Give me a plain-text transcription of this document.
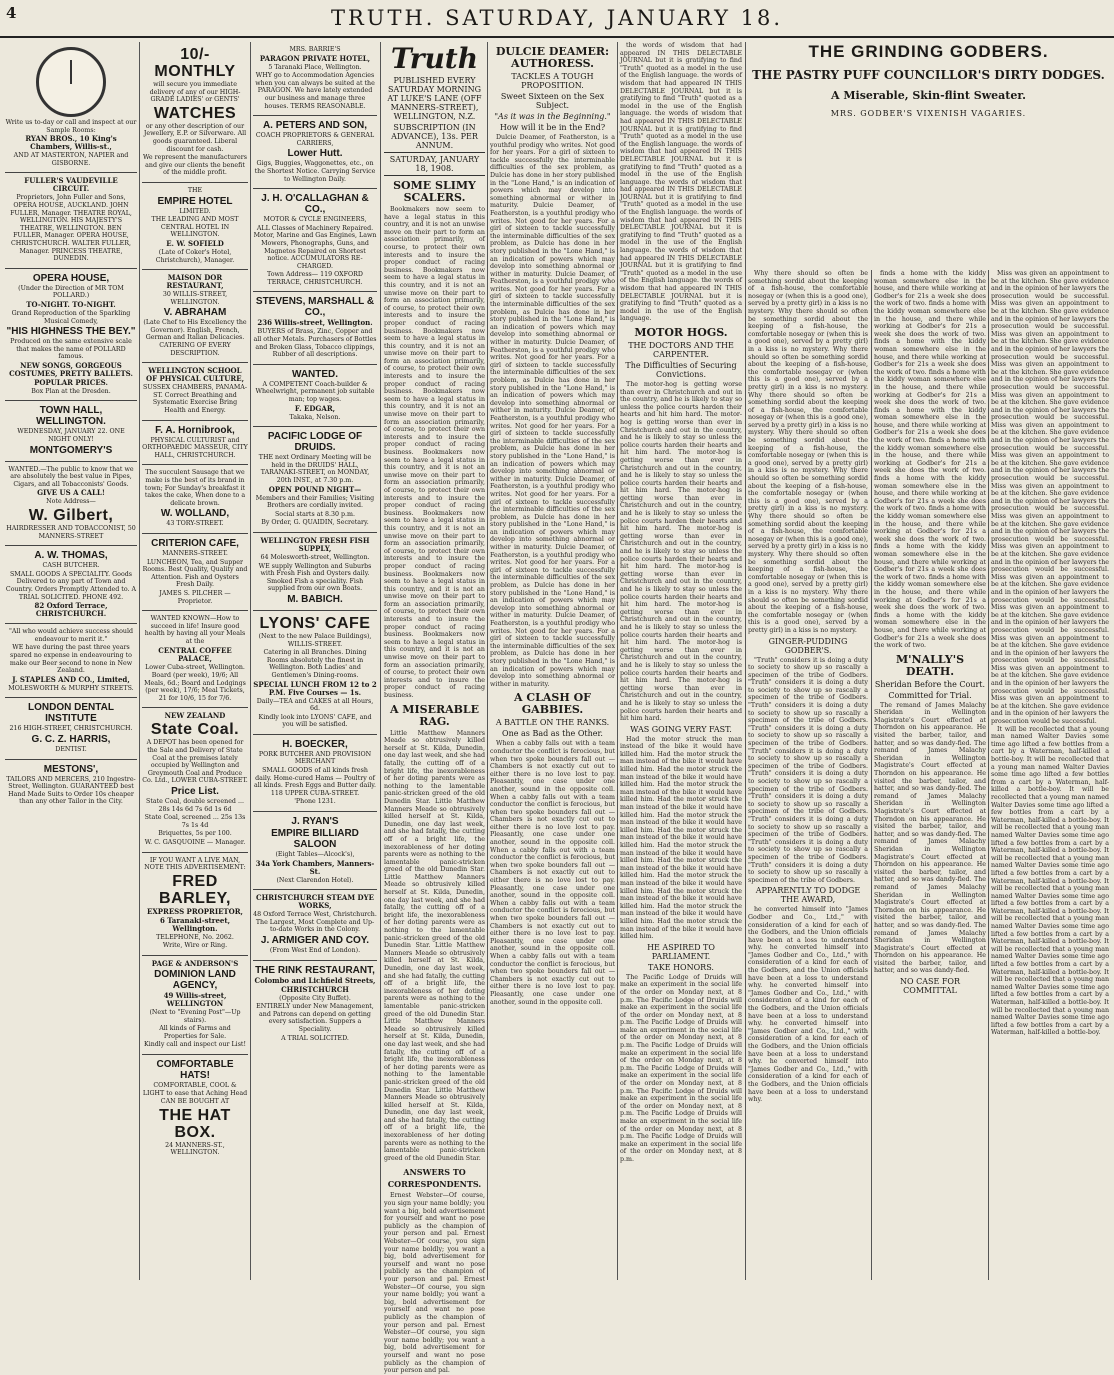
4	TRUTH. SATURDAY, JANUARY 18.

Write us to-day or call and inspect at our Sample Rooms:

RYAN BROS., 10 King's Chambers, Willis-st.,

AND AT MASTERTON, NAPIER and GISBORNE.

FULLER'S VAUDEVILLE CIRCUIT.

Proprietors, John Fuller and Sons, OPERA HOUSE, AUCKLAND. JOHN FULLER, Manager. THEATRE ROYAL, WELLINGTON. HIS MAJESTY'S THEATRE, WELLINGTON. BEN FULLER, Manager. OPERA HOUSE, CHRISTCHURCH. WALTER FULLER, Manager. PRINCESS THEATRE, DUNEDIN.

OPERA HOUSE,

(Under the Direction of MR TOM POLLARD.)

TO-NIGHT. TO-NIGHT.

Grand Reproduction of the Sparkling Musical Comedy,

"HIS HIGHNESS THE BEY."

Produced on the same extensive scale that makes the name of POLLARD famous.

NEW SONGS, GORGEOUS COSTUMES, PRETTY BALLETS.

POPULAR PRICES.

Box Plan at the Dresden.

TOWN HALL, WELLINGTON.

WEDNESDAY, JANUARY 22. ONE NIGHT ONLY!

MONTGOMERY'S

WANTED.—The public to know that we are absolutely the best value in Pipes, Cigars, and all Tobacconists' Goods.

GIVE US A CALL!

Note Address—

W. Gilbert,

HAIRDRESSER AND TOBACCONIST, 50 MANNERS-STREET

A. W. THOMAS,

CASH BUTCHER.

SMALL GOODS A SPECIALITY. Goods Delivered to any part of Town and Country. Orders Promptly Attended to. A TRIAL SOLICITED. PHONE 492.

82 Oxford Terrace, CHRISTCHURCH.

"All who would achieve success should endeavour to merit it."

WE have during the past three years spared no expense in endeavouring to make our Beer second to none in New Zealand.

J. STAPLES AND CO., Limited,

MOLESWORTH & MURPHY STREETS.

LONDON DENTAL INSTITUTE

216 HIGH-STREET, CHRISTCHURCH.

G. C. Z. HARRIS,

DENTIST.

MESTONS',

TAILORS AND MERCERS, 210 Ingestre-Street, Wellington. GUARANTEED best Hand Made Suits to Order 10s cheaper than any other Tailor in the City.

10/- MONTHLY

will secure you immediate delivery of any of our HIGH-GRADE LADIES' or GENTS'

WATCHES

or any other description of our Jewellery, E.P. or Silverware. All goods guaranteed. Liberal discount for cash.

We represent the manufacturers and give our clients the benefit of the middle profit.

THE

EMPIRE HOTEL

LIMITED.

THE LEADING AND MOST CENTRAL HOTEL IN WELLINGTON.

E. W. SOFIELD

(Late of Coker's Hotel, Christchurch), Manager.

MAISON DOR RESTAURANT,

30 WILLIS-STREET, WELLINGTON.

V. ABRAHAM

(Late Chef to His Excellency the Governor). English, French, German and Italian Delicacies. CATERING OF EVERY DESCRIPTION.

WELLINGTON SCHOOL OF PHYSICAL CULTURE,

SUSSEX CHAMBERS, PANAMA-ST. Correct Breathing and Systematic Exercise Bring Health and Energy.

F. A. Hornibrook,

PHYSICAL CULTURIST and ORTHOPAEDIC MASSEUR, CITY HALL, CHRISTCHURCH.

The succulent Sausage that we make is the best of its brand in town; For Sunday's breakfast it takes the cake, When done to a delicate brown.

W. WOLLAND,

43 TORY-STREET.

CRITERION CAFE,

MANNERS-STREET.

LUNCHEON, Tea, and Supper Rooms. Best Quality, Quality and Attention. Fish and Oysters Fresh Daily.

JAMES S. PILCHER — Proprietor.

WANTED KNOWN—How to succeed in life! Insure good health by having all your Meals at the

CENTRAL COFFEE PALACE,

Lower Cuba-street, Wellington.

Board (per week), 19/6; All Meals, 6d.; Board and Lodgings (per week), 17/6; Meal Tickets, 21 for 10/6, 15 for 7/6.

NEW ZEALAND

State Coal.

A DEPOT has been opened for the Sale and Delivery of State Coal at the premises lately occupied by Wellington and Greymouth Coal and Produce Co. Ltd., LOWER CUBA-STREET.

Price List.

State Coal, double screened ... 28s 14s 6d 7s 6d 1s 6d

State Coal, screened ... 25s 13s 7s 1s 4d

Briquettes, 5s per 100.

W. C. GASQUOINE — Manager.

IF YOU WANT A LIVE MAN, NOTE THIS ADVERTISEMENT:

FRED BARLEY,

EXPRESS PROPRIETOR,

6 Taranaki-street, Wellington.

TELEPHONE, No. 2062.

Write, Wire or Ring.

PAGE & ANDERSON'S

DOMINION LAND AGENCY,

49 Willis-street, WELLINGTON

(Next to "Evening Post"—Up stairs).

All kinds of Farms and Properties for Sale.

Kindly call and inspect our List!

COMFORTABLE HATS!

COMFORTABLE, COOL & LIGHT to ease that Aching Head

CAN BE BOUGHT AT

THE HAT BOX.

24 MANNERS-ST., WELLINGTON.

MRS. BARRIE'S

PARAGON PRIVATE HOTEL,

5 Taranaki Place, Wellington.

WHY go to Accommodation Agencies when you can always be suited at the PARAGON. We have lately extended our business and manage three houses. TERMS REASONABLE.

A. PETERS AND SON,

COACH PROPRIETORS & GENERAL CARRIERS,

Lower Hutt.

Gigs, Buggies, Waggonettes, etc., on the Shortest Notice. Carrying Service to Wellington Daily.

J. H. O'CALLAGHAN & CO.,

MOTOR & CYCLE ENGINEERS,

ALL Classes of Machinery Repaired. Motor, Marine and Gas Engines, Lawn Mowers, Phonographs, Guns, and Magnetos Repaired on Shortest notice. ACCUMULATORS RE-CHARGED.

Town Address— 119 OXFORD TERRACE, CHRISTCHURCH.

STEVENS, MARSHALL & CO.,

236 Willis-street, Wellington.

BUYERS of Brass, Zinc, Copper and all other Metals. Purchasers of Bottles and Broken Glass, Tobacco clippings, Rubber of all descriptions.

WANTED.

A COMPETENT Coach-builder & Wheelwright, permanent job suitable man; top wages.

F. EDGAR,

Takaka, Nelson.

PACIFIC LODGE OF DRUIDS.

THE next Ordinary Meeting will be held in the DRUIDS' HALL, TARANAKI-STREET, on MONDAY, 20th INST., at 7.30 p.m.

OPEN POUND NIGHT—

Members and their Families; Visiting Brothers are cordially invited.

Social starts at 8.30 p.m.

By Order, G. QUAIDIN, Secretary.

WELLINGTON FRESH FISH SUPPLY,

64 Molesworth-street, Wellington.

WE supply Wellington and Suburbs with Fresh Fish and Oysters daily. Smoked Fish a speciality. Fish supplied from our own Boats.

M. BABICH.

LYONS' CAFE

(Next to the new Palace Buildings), WILLIS-STREET.

Catering in all Branches. Dining Rooms absolutely the finest in Wellington. Both Ladies' and Gentlemen's Dining-rooms.

SPECIAL LUNCH FROM 12 to 2 P.M. Five Courses — 1s.

Daily—TEA and CAKES at all Hours, 6d.

Kindly look into LYONS' CAFE, and you will be satisfied.

H. BOECKER,

PORK BUTCHER AND PROVISION MERCHANT

SMALL GOODS of all kinds fresh daily. Home-cured Hams — Poultry of all kinds. Fresh Eggs and Butter daily. 118 UPPER CUBA-STREET.

'Phone 1231.

J. RYAN'S

EMPIRE BILLIARD SALOON

(Eight Tables—Alcock's),

34a York Chambers, Manners-St.

(Next Clarendon Hotel).

CHRISTCHURCH STEAM DYE WORKS,

48 Oxford Terrace West, Christchurch. The Largest, Most Complete and Up-to-date Works in the Colony.

J. ARMIGER AND COY.

(From West End of London).

THE RINK RESTAURANT,

Colombo and Lichfield Streets,

CHRISTCHURCH

(Opposite City Buffet).

ENTIRELY under New Management, and Patrons can depend on getting every satisfaction. Suppers a Speciality.

A TRIAL SOLICITED.

Truth

PUBLISHED EVERY SATURDAY MORNING AT LUKE'S LANE (OFF MANNERS-STREET), WELLINGTON, N.Z.

SUBSCRIPTION (IN ADVANCE), 13s. PER ANNUM.

SATURDAY, JANUARY 18, 1908.

SOME SLIMY SCALERS.

Bookmakers now seem to have a legal status in this country, and it is not an unwise move on their part to form an association primarily, of course, to protect their own interests and to insure the proper conduct of racing business. Bookmakers now seem to have a legal status in this country, and it is not an unwise move on their part to form an association primarily, of course, to protect their own interests and to insure the proper conduct of racing business. Bookmakers now seem to have a legal status in this country, and it is not an unwise move on their part to form an association primarily, of course, to protect their own interests and to insure the proper conduct of racing business. Bookmakers now seem to have a legal status in this country, and it is not an unwise move on their part to form an association primarily, of course, to protect their own interests and to insure the proper conduct of racing business. Bookmakers now seem to have a legal status in this country, and it is not an unwise move on their part to form an association primarily, of course, to protect their own interests and to insure the proper conduct of racing business. Bookmakers now seem to have a legal status in this country, and it is not an unwise move on their part to form an association primarily, of course, to protect their own interests and to insure the proper conduct of racing business. Bookmakers now seem to have a legal status in this country, and it is not an unwise move on their part to form an association primarily, of course, to protect their own interests and to insure the proper conduct of racing business. Bookmakers now seem to have a legal status in this country, and it is not an unwise move on their part to form an association primarily, of course, to protect their own interests and to insure the proper conduct of racing business.

A MISERABLE RAG.

Little Matthew Manners Meade so obtrusively killed herself at St. Kilda, Dunedin, one day last week, and she had fatally, the cutting off of a bright life, the inexorableness of her doting parents were as nothing to the lamentable panic-stricken greed of the old Dunedin Star. Little Matthew Manners Meade so obtrusively killed herself at St. Kilda, Dunedin, one day last week, and she had fatally, the cutting off of a bright life, the inexorableness of her doting parents were as nothing to the lamentable panic-stricken greed of the old Dunedin Star. Little Matthew Manners Meade so obtrusively killed herself at St. Kilda, Dunedin, one day last week, and she had fatally, the cutting off of a bright life, the inexorableness of her doting parents were as nothing to the lamentable panic-stricken greed of the old Dunedin Star. Little Matthew Manners Meade so obtrusively killed herself at St. Kilda, Dunedin, one day last week, and she had fatally, the cutting off of a bright life, the inexorableness of her doting parents were as nothing to the lamentable panic-stricken greed of the old Dunedin Star. Little Matthew Manners Meade so obtrusively killed herself at St. Kilda, Dunedin, one day last week, and she had fatally, the cutting off of a bright life, the inexorableness of her doting parents were as nothing to the lamentable panic-stricken greed of the old Dunedin Star. Little Matthew Manners Meade so obtrusively killed herself at St. Kilda, Dunedin, one day last week, and she had fatally, the cutting off of a bright life, the inexorableness of her doting parents were as nothing to the lamentable panic-stricken greed of the old Dunedin Star.

ANSWERS TO CORRESPONDENTS.

Ernest Webster—Of course, you sign your name boldly; you want a big, bold advertisement for yourself and want no pose publicly as the champion of your person and pal. Ernest Webster—Of course, you sign your name boldly; you want a big, bold advertisement for yourself and want no pose publicly as the champion of your person and pal. Ernest Webster—Of course, you sign your name boldly; you want a big, bold advertisement for yourself and want no pose publicly as the champion of your person and pal. Ernest Webster—Of course, you sign your name boldly; you want a big, bold advertisement for yourself and want no pose publicly as the champion of your person and pal.

DULCIE DEAMER: AUTHORESS.

TACKLES A TOUGH PROPOSITION.

Sweet Sixteen on the Sex Subject.

"As it was in the Beginning."

How will it be in the End?

Dulcie Deamer, of Featherston, is a youthful prodigy who writes. Not good for her years. For a girl of sixteen to tackle successfully the interminable difficulties of the sex problem, as Dulcie has done in her story published in the "Lone Hand," is an indication of powers which may develop into something abnormal or wither in maturity. Dulcie Deamer, of Featherston, is a youthful prodigy who writes. Not good for her years. For a girl of sixteen to tackle successfully the interminable difficulties of the sex problem, as Dulcie has done in her story published in the "Lone Hand," is an indication of powers which may develop into something abnormal or wither in maturity. Dulcie Deamer, of Featherston, is a youthful prodigy who writes. Not good for her years. For a girl of sixteen to tackle successfully the interminable difficulties of the sex problem, as Dulcie has done in her story published in the "Lone Hand," is an indication of powers which may develop into something abnormal or wither in maturity. Dulcie Deamer, of Featherston, is a youthful prodigy who writes. Not good for her years. For a girl of sixteen to tackle successfully the interminable difficulties of the sex problem, as Dulcie has done in her story published in the "Lone Hand," is an indication of powers which may develop into something abnormal or wither in maturity. Dulcie Deamer, of Featherston, is a youthful prodigy who writes. Not good for her years. For a girl of sixteen to tackle successfully the interminable difficulties of the sex problem, as Dulcie has done in her story published in the "Lone Hand," is an indication of powers which may develop into something abnormal or wither in maturity. Dulcie Deamer, of Featherston, is a youthful prodigy who writes. Not good for her years. For a girl of sixteen to tackle successfully the interminable difficulties of the sex problem, as Dulcie has done in her story published in the "Lone Hand," is an indication of powers which may develop into something abnormal or wither in maturity. Dulcie Deamer, of Featherston, is a youthful prodigy who writes. Not good for her years. For a girl of sixteen to tackle successfully the interminable difficulties of the sex problem, as Dulcie has done in her story published in the "Lone Hand," is an indication of powers which may develop into something abnormal or wither in maturity. Dulcie Deamer, of Featherston, is a youthful prodigy who writes. Not good for her years. For a girl of sixteen to tackle successfully the interminable difficulties of the sex problem, as Dulcie has done in her story published in the "Lone Hand," is an indication of powers which may develop into something abnormal or wither in maturity.

A CLASH OF GABBIES.

A BATTLE ON THE RANKS.

One as Bad as the Other.

When a cabby falls out with a team conductor the conflict is ferocious, but when two spoke bounders fall out — Chambers is not exactly cut out to either there is no love lost to pay. Pleasantly, one case under one another, sound in the opposite coll. When a cabby falls out with a team conductor the conflict is ferocious, but when two spoke bounders fall out — Chambers is not exactly cut out to either there is no love lost to pay. Pleasantly, one case under one another, sound in the opposite coll. When a cabby falls out with a team conductor the conflict is ferocious, but when two spoke bounders fall out — Chambers is not exactly cut out to either there is no love lost to pay. Pleasantly, one case under one another, sound in the opposite coll. When a cabby falls out with a team conductor the conflict is ferocious, but when two spoke bounders fall out — Chambers is not exactly cut out to either there is no love lost to pay. Pleasantly, one case under one another, sound in the opposite coll. When a cabby falls out with a team conductor the conflict is ferocious, but when two spoke bounders fall out — Chambers is not exactly cut out to either there is no love lost to pay. Pleasantly, one case under one another, sound in the opposite coll.

the words of wisdom that had appeared IN THIS DELECTABLE JOURNAL but it is gratifying to find "Truth" quoted as a model in the use of the English language. the words of wisdom that had appeared IN THIS DELECTABLE JOURNAL but it is gratifying to find "Truth" quoted as a model in the use of the English language. the words of wisdom that had appeared IN THIS DELECTABLE JOURNAL but it is gratifying to find "Truth" quoted as a model in the use of the English language. the words of wisdom that had appeared IN THIS DELECTABLE JOURNAL but it is gratifying to find "Truth" quoted as a model in the use of the English language. the words of wisdom that had appeared IN THIS DELECTABLE JOURNAL but it is gratifying to find "Truth" quoted as a model in the use of the English language. the words of wisdom that had appeared IN THIS DELECTABLE JOURNAL but it is gratifying to find "Truth" quoted as a model in the use of the English language. the words of wisdom that had appeared IN THIS DELECTABLE JOURNAL but it is gratifying to find "Truth" quoted as a model in the use of the English language. the words of wisdom that had appeared IN THIS DELECTABLE JOURNAL but it is gratifying to find "Truth" quoted as a model in the use of the English language.

MOTOR HOGS.

THE DOCTORS AND THE CARPENTER.

The Difficulties of Securing Convictions.

The motor-hog is getting worse than ever in Christchurch and out in the country, and he is likely to stay so unless the police courts harden their hearts and hit him hard. The motor-hog is getting worse than ever in Christchurch and out in the country, and he is likely to stay so unless the police courts harden their hearts and hit him hard. The motor-hog is getting worse than ever in Christchurch and out in the country, and he is likely to stay so unless the police courts harden their hearts and hit him hard. The motor-hog is getting worse than ever in Christchurch and out in the country, and he is likely to stay so unless the police courts harden their hearts and hit him hard. The motor-hog is getting worse than ever in Christchurch and out in the country, and he is likely to stay so unless the police courts harden their hearts and hit him hard. The motor-hog is getting worse than ever in Christchurch and out in the country, and he is likely to stay so unless the police courts harden their hearts and hit him hard. The motor-hog is getting worse than ever in Christchurch and out in the country, and he is likely to stay so unless the police courts harden their hearts and hit him hard. The motor-hog is getting worse than ever in Christchurch and out in the country, and he is likely to stay so unless the police courts harden their hearts and hit him hard. The motor-hog is getting worse than ever in Christchurch and out in the country, and he is likely to stay so unless the police courts harden their hearts and hit him hard.

WAS GOING VERY FAST.

Had the motor struck the man instead of the bike it would have killed him. Had the motor struck the man instead of the bike it would have killed him. Had the motor struck the man instead of the bike it would have killed him. Had the motor struck the man instead of the bike it would have killed him. Had the motor struck the man instead of the bike it would have killed him. Had the motor struck the man instead of the bike it would have killed him. Had the motor struck the man instead of the bike it would have killed him. Had the motor struck the man instead of the bike it would have killed him. Had the motor struck the man instead of the bike it would have killed him. Had the motor struck the man instead of the bike it would have killed him. Had the motor struck the man instead of the bike it would have killed him. Had the motor struck the man instead of the bike it would have killed him. Had the motor struck the man instead of the bike it would have killed him.

HE ASPIRED TO PARLIAMENT.

TAKE HONORS.

The Pacific Lodge of Druids will make an experiment in the social life of the order on Monday next, at 8 p.m. The Pacific Lodge of Druids will make an experiment in the social life of the order on Monday next, at 8 p.m. The Pacific Lodge of Druids will make an experiment in the social life of the order on Monday next, at 8 p.m. The Pacific Lodge of Druids will make an experiment in the social life of the order on Monday next, at 8 p.m. The Pacific Lodge of Druids will make an experiment in the social life of the order on Monday next, at 8 p.m. The Pacific Lodge of Druids will make an experiment in the social life of the order on Monday next, at 8 p.m. The Pacific Lodge of Druids will make an experiment in the social life of the order on Monday next, at 8 p.m. The Pacific Lodge of Druids will make an experiment in the social life of the order on Monday next, at 8 p.m.

THE GRINDING GODBERS.
THE PASTRY PUFF COUNCILLOR'S DIRTY DODGES.
A Miserable, Skin-flint Sweater.
MRS. GODBER'S VIXENISH VAGARIES.

Why there should so often be something sordid about the keeping of a fish-house, the comfortable nosegay or (when this is a good one), served by a pretty girl) in a kiss is no mystery. Why there should so often be something sordid about the keeping of a fish-house, the comfortable nosegay or (when this is a good one), served by a pretty girl) in a kiss is no mystery. Why there should so often be something sordid about the keeping of a fish-house, the comfortable nosegay or (when this is a good one), served by a pretty girl) in a kiss is no mystery. Why there should so often be something sordid about the keeping of a fish-house, the comfortable nosegay or (when this is a good one), served by a pretty girl) in a kiss is no mystery. Why there should so often be something sordid about the keeping of a fish-house, the comfortable nosegay or (when this is a good one), served by a pretty girl) in a kiss is no mystery. Why there should so often be something sordid about the keeping of a fish-house, the comfortable nosegay or (when this is a good one), served by a pretty girl) in a kiss is no mystery. Why there should so often be something sordid about the keeping of a fish-house, the comfortable nosegay or (when this is a good one), served by a pretty girl) in a kiss is no mystery. Why there should so often be something sordid about the keeping of a fish-house, the comfortable nosegay or (when this is a good one), served by a pretty girl) in a kiss is no mystery. Why there should so often be something sordid about the keeping of a fish-house, the comfortable nosegay or (when this is a good one), served by a pretty girl) in a kiss is no mystery.

GINGER-PUDDING GODBER'S.

"Truth" considers it is doing a duty to society to show up so rascally a specimen of the tribe of Godbers. "Truth" considers it is doing a duty to society to show up so rascally a specimen of the tribe of Godbers. "Truth" considers it is doing a duty to society to show up so rascally a specimen of the tribe of Godbers. "Truth" considers it is doing a duty to society to show up so rascally a specimen of the tribe of Godbers. "Truth" considers it is doing a duty to society to show up so rascally a specimen of the tribe of Godbers. "Truth" considers it is doing a duty to society to show up so rascally a specimen of the tribe of Godbers. "Truth" considers it is doing a duty to society to show up so rascally a specimen of the tribe of Godbers. "Truth" considers it is doing a duty to society to show up so rascally a specimen of the tribe of Godbers. "Truth" considers it is doing a duty to society to show up so rascally a specimen of the tribe of Godbers. "Truth" considers it is doing a duty to society to show up so rascally a specimen of the tribe of Godbers.

APPARENTLY TO DODGE THE AWARD,

he converted himself into "James Godber and Co., Ltd.," with consideration of a kind for each of the Godbers, and the Union officials have been at a loss to understand why. he converted himself into "James Godber and Co., Ltd.," with consideration of a kind for each of the Godbers, and the Union officials have been at a loss to understand why. he converted himself into "James Godber and Co., Ltd.," with consideration of a kind for each of the Godbers, and the Union officials have been at a loss to understand why. he converted himself into "James Godber and Co., Ltd.," with consideration of a kind for each of the Godbers, and the Union officials have been at a loss to understand why. he converted himself into "James Godber and Co., Ltd.," with consideration of a kind for each of the Godbers, and the Union officials have been at a loss to understand why.

finds a home with the kiddy woman somewhere else in the house, and there while working at Godber's for 21s a week she does the work of two. finds a home with the kiddy woman somewhere else in the house, and there while working at Godber's for 21s a week she does the work of two. finds a home with the kiddy woman somewhere else in the house, and there while working at Godber's for 21s a week she does the work of two. finds a home with the kiddy woman somewhere else in the house, and there while working at Godber's for 21s a week she does the work of two. finds a home with the kiddy woman somewhere else in the house, and there while working at Godber's for 21s a week she does the work of two. finds a home with the kiddy woman somewhere else in the house, and there while working at Godber's for 21s a week she does the work of two. finds a home with the kiddy woman somewhere else in the house, and there while working at Godber's for 21s a week she does the work of two. finds a home with the kiddy woman somewhere else in the house, and there while working at Godber's for 21s a week she does the work of two. finds a home with the kiddy woman somewhere else in the house, and there while working at Godber's for 21s a week she does the work of two. finds a home with the kiddy woman somewhere else in the house, and there while working at Godber's for 21s a week she does the work of two. finds a home with the kiddy woman somewhere else in the house, and there while working at Godber's for 21s a week she does the work of two.

M'NALLY'S DEATH.

Sheridan Before the Court.

Committed for Trial.

The remand of James Malachy Sheridan in Wellington Magistrate's Court effected at Thorndon on his appearance. He visited the barber, tailor, and hatter, and so was dandy-fied. The remand of James Malachy Sheridan in Wellington Magistrate's Court effected at Thorndon on his appearance. He visited the barber, tailor, and hatter, and so was dandy-fied. The remand of James Malachy Sheridan in Wellington Magistrate's Court effected at Thorndon on his appearance. He visited the barber, tailor, and hatter, and so was dandy-fied. The remand of James Malachy Sheridan in Wellington Magistrate's Court effected at Thorndon on his appearance. He visited the barber, tailor, and hatter, and so was dandy-fied. The remand of James Malachy Sheridan in Wellington Magistrate's Court effected at Thorndon on his appearance. He visited the barber, tailor, and hatter, and so was dandy-fied. The remand of James Malachy Sheridan in Wellington Magistrate's Court effected at Thorndon on his appearance. He visited the barber, tailor, and hatter, and so was dandy-fied.

NO CASE FOR COMMITTAL

Miss was given an appointment to be at the kitchen. She gave evidence and in the opinion of her lawyers the prosecution would be successful. Miss was given an appointment to be at the kitchen. She gave evidence and in the opinion of her lawyers the prosecution would be successful. Miss was given an appointment to be at the kitchen. She gave evidence and in the opinion of her lawyers the prosecution would be successful. Miss was given an appointment to be at the kitchen. She gave evidence and in the opinion of her lawyers the prosecution would be successful. Miss was given an appointment to be at the kitchen. She gave evidence and in the opinion of her lawyers the prosecution would be successful. Miss was given an appointment to be at the kitchen. She gave evidence and in the opinion of her lawyers the prosecution would be successful. Miss was given an appointment to be at the kitchen. She gave evidence and in the opinion of her lawyers the prosecution would be successful. Miss was given an appointment to be at the kitchen. She gave evidence and in the opinion of her lawyers the prosecution would be successful. Miss was given an appointment to be at the kitchen. She gave evidence and in the opinion of her lawyers the prosecution would be successful. Miss was given an appointment to be at the kitchen. She gave evidence and in the opinion of her lawyers the prosecution would be successful. Miss was given an appointment to be at the kitchen. She gave evidence and in the opinion of her lawyers the prosecution would be successful. Miss was given an appointment to be at the kitchen. She gave evidence and in the opinion of her lawyers the prosecution would be successful. Miss was given an appointment to be at the kitchen. She gave evidence and in the opinion of her lawyers the prosecution would be successful. Miss was given an appointment to be at the kitchen. She gave evidence and in the opinion of her lawyers the prosecution would be successful. Miss was given an appointment to be at the kitchen. She gave evidence and in the opinion of her lawyers the prosecution would be successful.

It will be recollected that a young man named Walter Davies some time ago lifted a few bottles from a cart by a Waterman, half-killed a bottle-boy. It will be recollected that a young man named Walter Davies some time ago lifted a few bottles from a cart by a Waterman, half-killed a bottle-boy. It will be recollected that a young man named Walter Davies some time ago lifted a few bottles from a cart by a Waterman, half-killed a bottle-boy. It will be recollected that a young man named Walter Davies some time ago lifted a few bottles from a cart by a Waterman, half-killed a bottle-boy. It will be recollected that a young man named Walter Davies some time ago lifted a few bottles from a cart by a Waterman, half-killed a bottle-boy. It will be recollected that a young man named Walter Davies some time ago lifted a few bottles from a cart by a Waterman, half-killed a bottle-boy. It will be recollected that a young man named Walter Davies some time ago lifted a few bottles from a cart by a Waterman, half-killed a bottle-boy. It will be recollected that a young man named Walter Davies some time ago lifted a few bottles from a cart by a Waterman, half-killed a bottle-boy. It will be recollected that a young man named Walter Davies some time ago lifted a few bottles from a cart by a Waterman, half-killed a bottle-boy. It will be recollected that a young man named Walter Davies some time ago lifted a few bottles from a cart by a Waterman, half-killed a bottle-boy.
